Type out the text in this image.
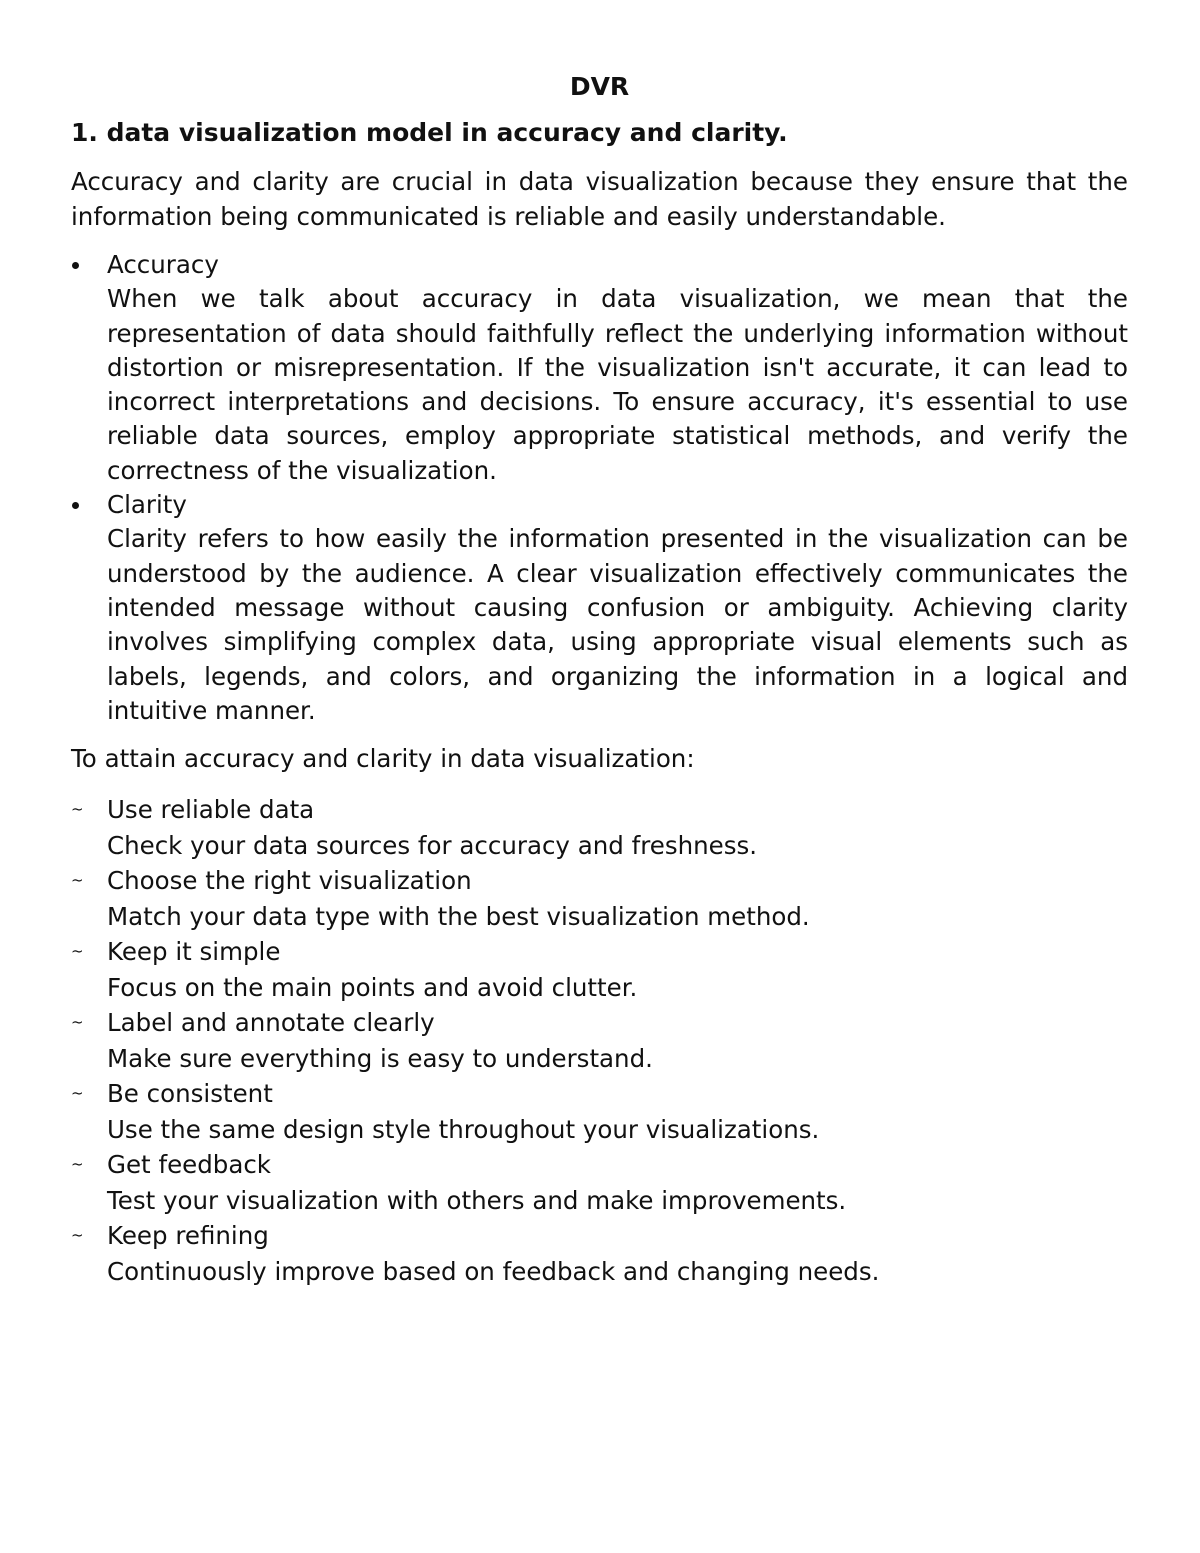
DVR
1. data visualization model in accuracy and clarity.

Accuracy and clarity are crucial in data visualization because they ensure that the information being communicated is reliable and easily understandable.

Accuracy
When we talk about accuracy in data visualization, we mean that the representation of data should faithfully reflect the underlying information without distortion or misrepresentation. If the visualization isn't accurate, it can lead to incorrect interpretations and decisions. To ensure accuracy, it's essential to use reliable data sources, employ appropriate statistical methods, and verify the correctness of the visualization.
Clarity
Clarity refers to how easily the information presented in the visualization can be understood by the audience. A clear visualization effectively communicates the intended message without causing confusion or ambiguity. Achieving clarity involves simplifying complex data, using appropriate visual elements such as labels, legends, and colors, and organizing the information in a logical and intuitive manner.

To attain accuracy and clarity in data visualization:

~ Use reliable data
Check your data sources for accuracy and freshness.
~ Choose the right visualization
Match your data type with the best visualization method.
~ Keep it simple
Focus on the main points and avoid clutter.
~ Label and annotate clearly
Make sure everything is easy to understand.
~ Be consistent
Use the same design style throughout your visualizations.
~ Get feedback
Test your visualization with others and make improvements.
~ Keep refining
Continuously improve based on feedback and changing needs.
